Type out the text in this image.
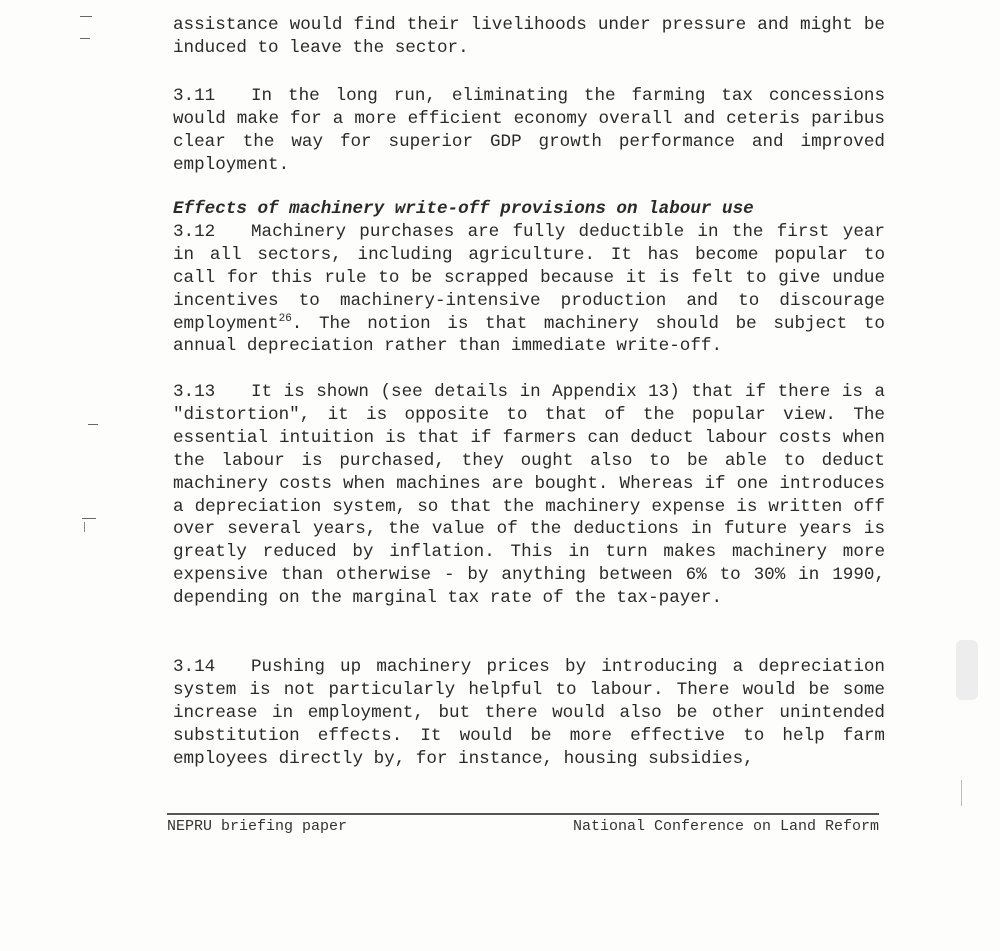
assistance would find their livelihoods under pressure and might be induced to leave the sector.

3.11 In the long run, eliminating the farming tax concessions would make for a more efficient economy overall and ceteris paribus clear the way for superior GDP growth performance and improved employment.

Effects of machinery write-off provisions on labour use

3.12 Machinery purchases are fully deductible in the first year in all sectors, including agriculture. It has become popular to call for this rule to be scrapped because it is felt to give undue incentives to machinery-intensive production and to discourage employment$^{26}$. The notion is that machinery should be subject to annual depreciation rather than immediate write-off.

3.13 It is shown (see details in Appendix 13) that if there is a "distortion", it is opposite to that of the popular view. The essential intuition is that if farmers can deduct labour costs when the labour is purchased, they ought also to be able to deduct machinery costs when machines are bought. Whereas if one introduces a depreciation system, so that the machinery expense is written off over several years, the value of the deductions in future years is greatly reduced by inflation. This in turn makes machinery more expensive than otherwise - by anything between 6% to 30% in 1990, depending on the marginal tax rate of the tax-payer.

3.14 Pushing up machinery prices by introducing a depreciation system is not particularly helpful to labour. There would be some increase in employment, but there would also be other unintended substitution effects. It would be more effective to help farm employees directly by, for instance, housing subsidies,

NEPRU briefing paper	National Conference on Land Reform
